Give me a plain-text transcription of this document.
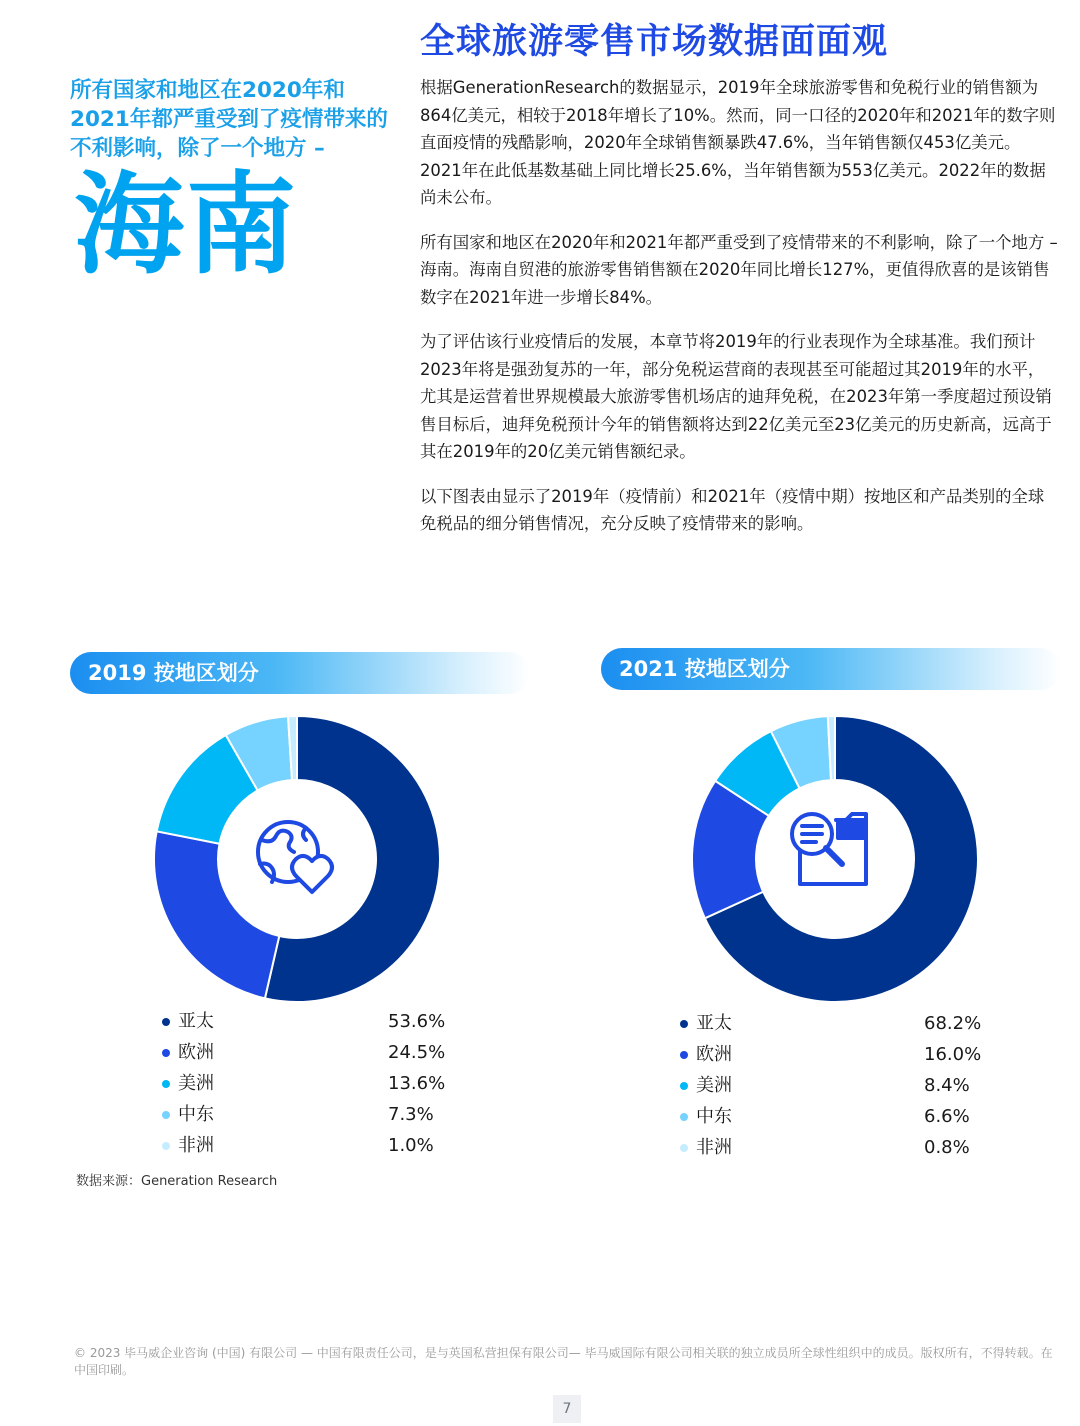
全球旅游零售市场数据面面观
所有国家和地区在2020年和2021年都严重受到了疫情带来的不利影响，除了一个地方 –
海南

根据GenerationResearch的数据显示，2019年全球旅游零售和免税行业的销售额为864亿美元，相较于2018年增长了10%。然而，同一口径的2020年和2021年的数字则直面疫情的残酷影响，2020年全球销售额暴跌47.6%，当年销售额仅453亿美元。2021年在此低基数基础上同比增长25.6%，当年销售额为553亿美元。2022年的数据尚未公布。

所有国家和地区在2020年和2021年都严重受到了疫情带来的不利影响，除了一个地方 – 海南。海南自贸港的旅游零售销售额在2020年同比增长127%，更值得欣喜的是该销售数字在2021年进一步增长84%。

为了评估该行业疫情后的发展，本章节将2019年的行业表现作为全球基准。我们预计2023年将是强劲复苏的一年，部分免税运营商的表现甚至可能超过其2019年的水平，尤其是运营着世界规模最大旅游零售机场店的迪拜免税，在2023年第一季度超过预设销售目标后，迪拜免税预计今年的销售额将达到22亿美元至23亿美元的历史新高，远高于其在2019年的20亿美元销售额纪录。

以下图表由显示了2019年（疫情前）和2021年（疫情中期）按地区和产品类别的全球免税品的细分销售情况，充分反映了疫情带来的影响。

2019 按地区划分
亚太	53.6%
欧洲	24.5%
美洲	13.6%
中东	7.3%
非洲	1.0%
2021 按地区划分
亚太	68.2%
欧洲	16.0%
美洲	8.4%
中东	6.6%
非洲	0.8%
数据来源：Generation Research
© 2023 毕马威企业咨询 (中国) 有限公司 — 中国有限责任公司，是与英国私营担保有限公司— 毕马威国际有限公司相关联的独立成员所全球性组织中的成员。版权所有，不得转载。在中国印刷。
7
